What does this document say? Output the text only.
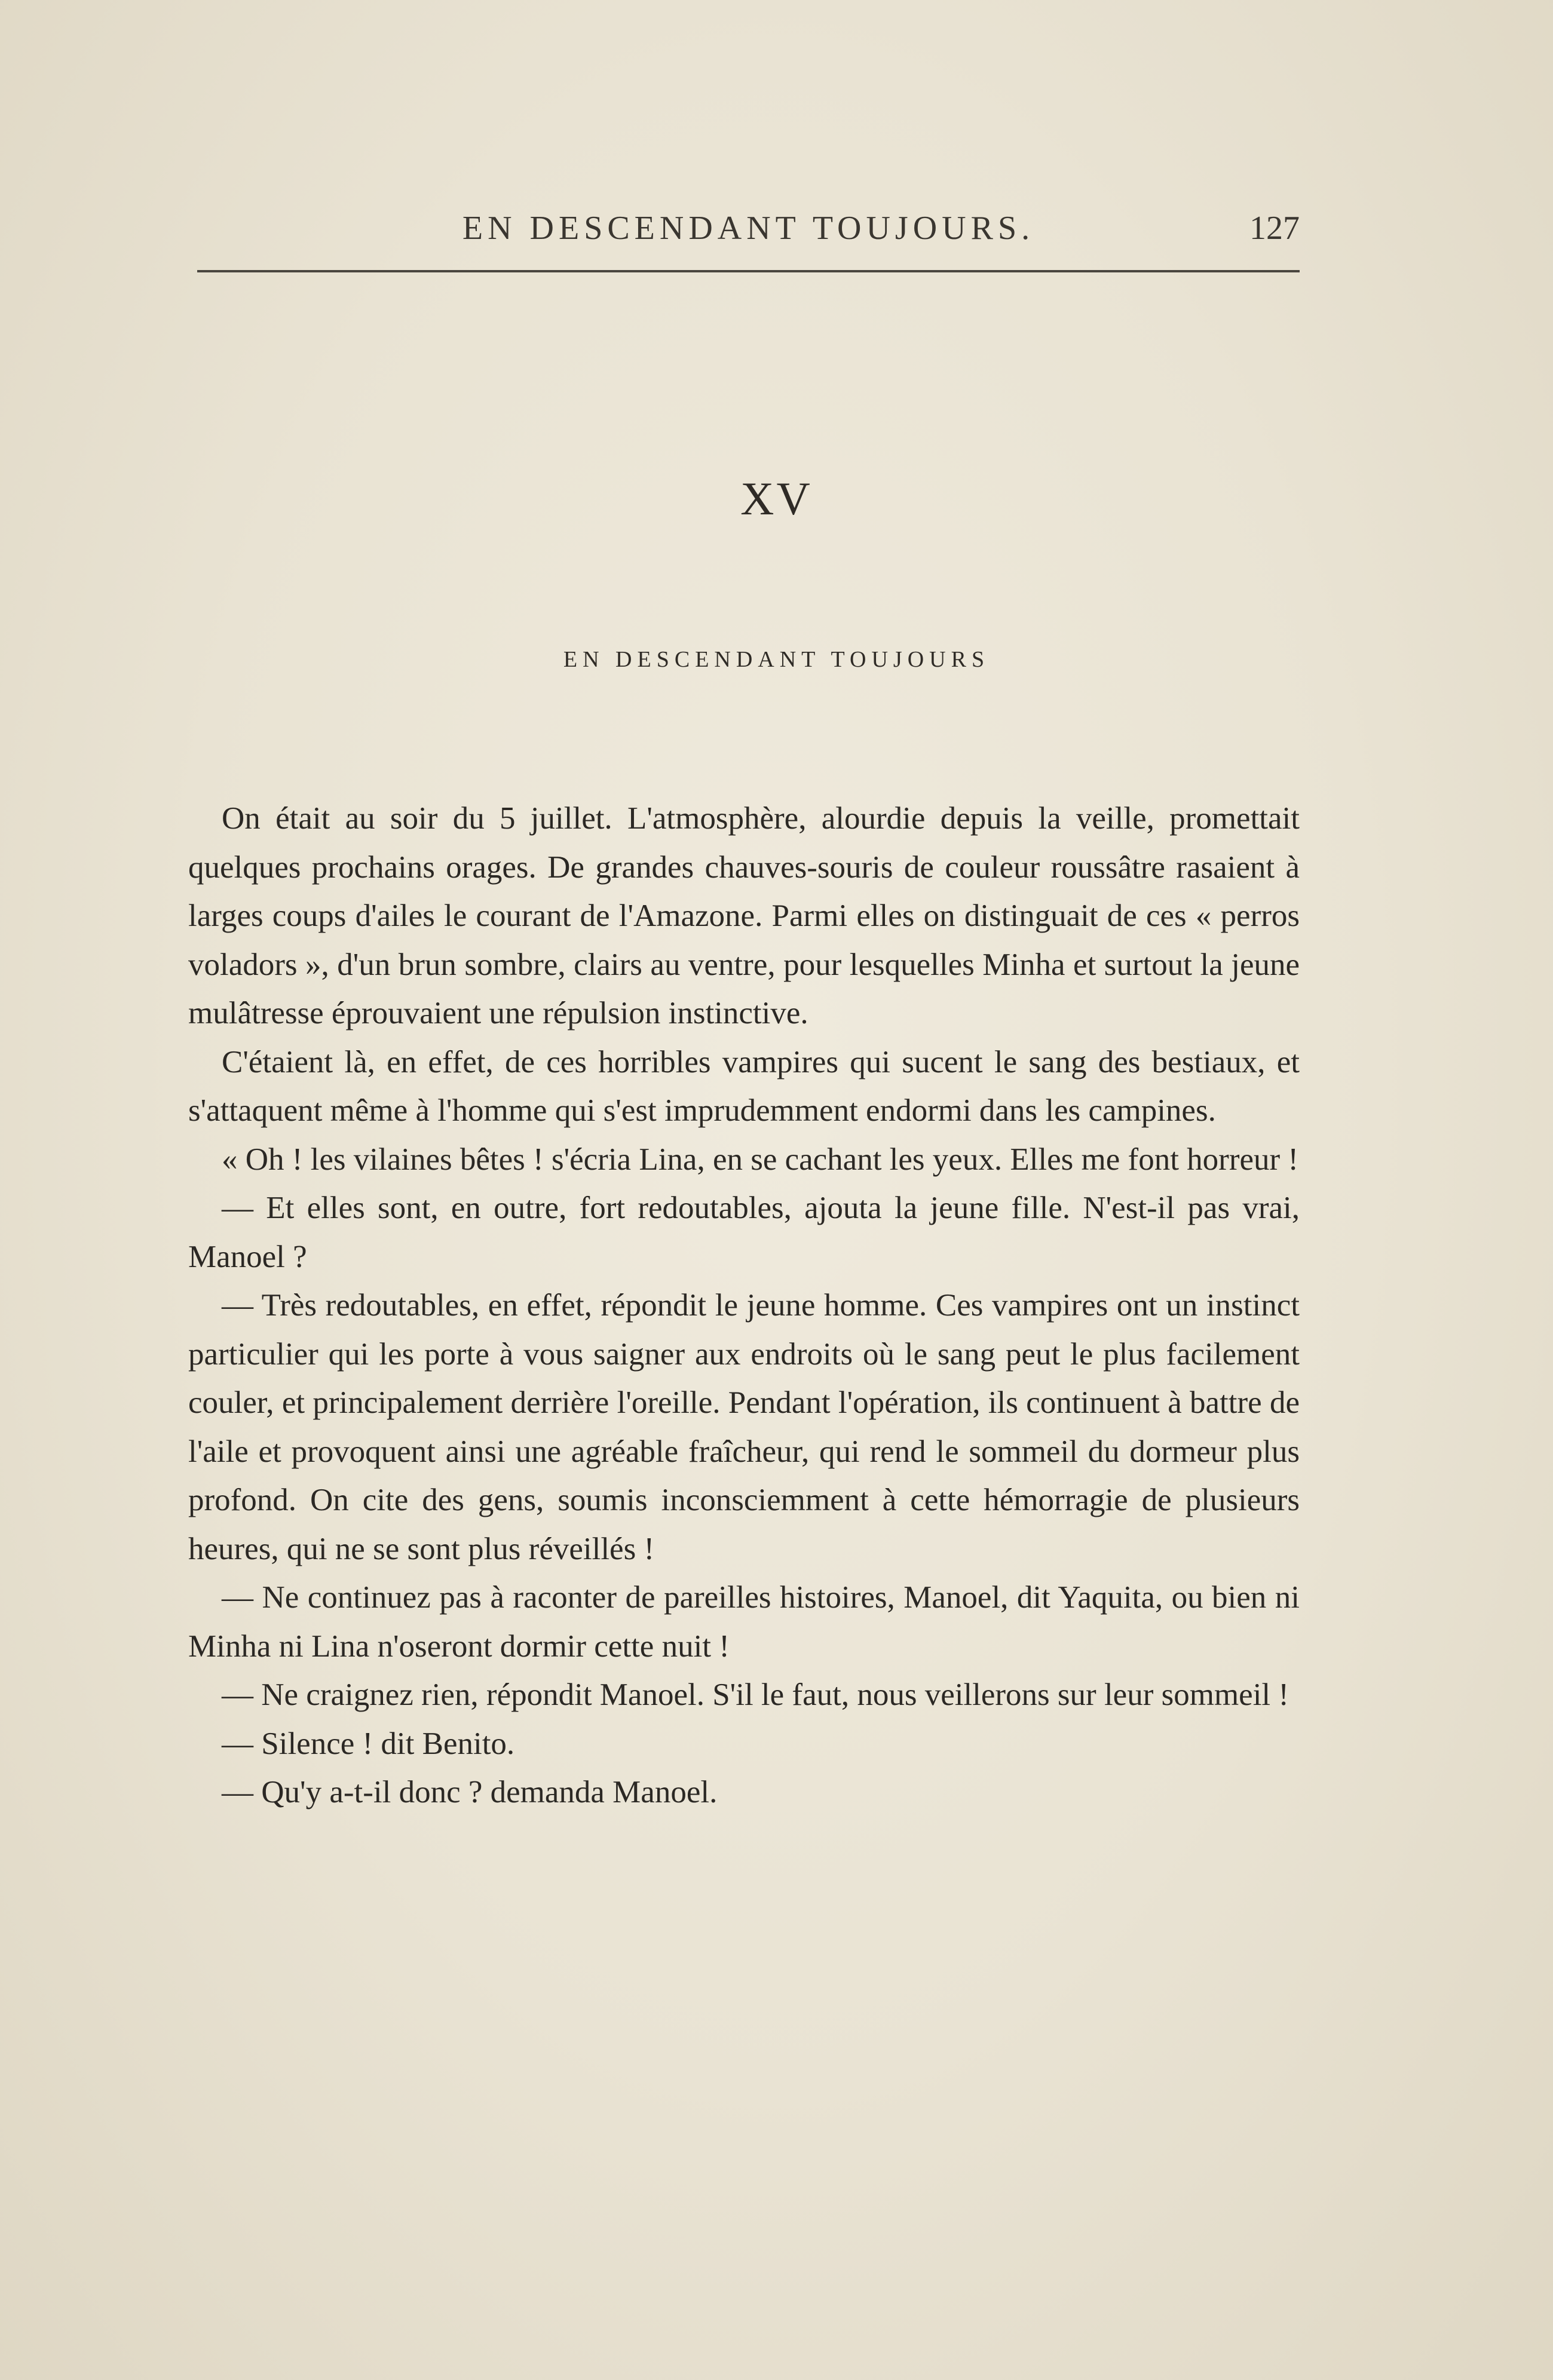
EN DESCENDANT TOUJOURS.	127
XV
EN DESCENDANT TOUJOURS

On était au soir du 5 juillet. L'atmosphère, alourdie depuis la veille, promettait quelques prochains orages. De grandes chauves-souris de couleur roussâtre rasaient à larges coups d'ailes le courant de l'Amazone. Parmi elles on distinguait de ces « perros voladors », d'un brun sombre, clairs au ventre, pour lesquelles Minha et surtout la jeune mulâtresse éprouvaient une répulsion instinctive.

C'étaient là, en effet, de ces horribles vampires qui sucent le sang des bestiaux, et s'attaquent même à l'homme qui s'est imprudemment endormi dans les campines.

« Oh ! les vilaines bêtes ! s'écria Lina, en se cachant les yeux. Elles me font horreur !

— Et elles sont, en outre, fort redoutables, ajouta la jeune fille. N'est-il pas vrai, Manoel ?

— Très redoutables, en effet, répondit le jeune homme. Ces vampires ont un instinct particulier qui les porte à vous saigner aux endroits où le sang peut le plus facilement couler, et principalement derrière l'oreille. Pendant l'opération, ils continuent à battre de l'aile et provoquent ainsi une agréable fraîcheur, qui rend le sommeil du dormeur plus profond. On cite des gens, soumis inconsciemment à cette hémorragie de plusieurs heures, qui ne se sont plus réveillés !

— Ne continuez pas à raconter de pareilles histoires, Manoel, dit Yaquita, ou bien ni Minha ni Lina n'oseront dormir cette nuit !

— Ne craignez rien, répondit Manoel. S'il le faut, nous veillerons sur leur sommeil !

— Silence ! dit Benito.

— Qu'y a-t-il donc ? demanda Manoel.
